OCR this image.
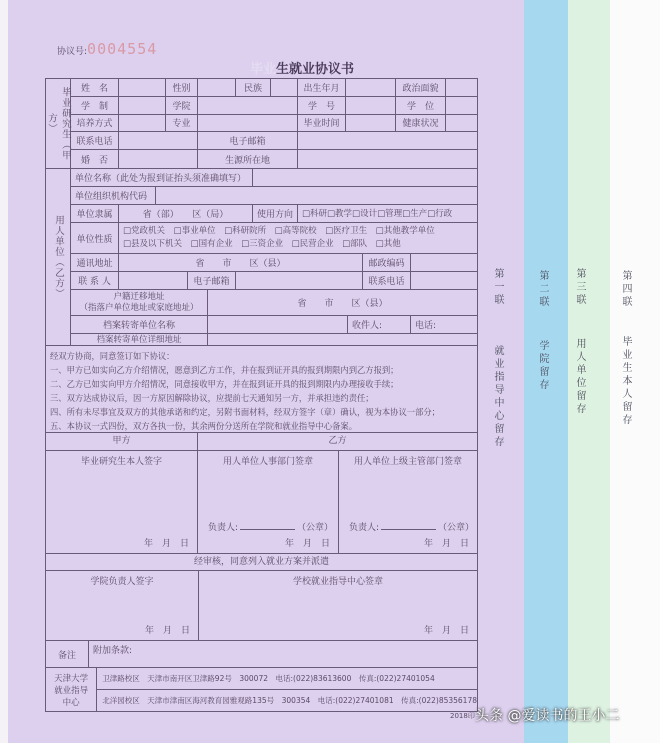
第一联
就业指导中心留存
第二联
学院留存
第三联
用人单位留存
第四联
毕业生本人留存
协议号:0004554
毕业生就业协议书
毕业研究生（甲方）
姓　名	性别	民族	出生年月	政治面貌
学　制	学院	学　号	学　位
培养方式	专业	毕业时间	健康状况
联系电话	电子邮箱
婚　否	生源所在地
用人单位（乙方）
单位名称（此处为报到证抬头须准确填写）
单位组织机构代码
单位隶属	省（部）　　区（局）	使用方向	□科研□教学□设计□管理□生产□行政
单位性质
□党政机关　□事业单位　□科研院所　□高等院校　□医疗卫生　□其他教学单位
□县及以下机关　□国有企业　□三资企业　□民营企业　□部队　□其他
通讯地址	省　　市　　区（县）	邮政编码
联 系 人	电子邮箱	联系电话
户籍迁移地址
（指落户单位地址或家庭地址）	省　　市　　区（县）
档案转寄单位名称	收件人:	电话:
档案转寄单位详细地址
经双方协商，同意签订如下协议：
一、甲方已如实向乙方介绍情况，愿意到乙方工作，并在报到证开具的报到期限内到乙方报到；
二、乙方已如实向甲方介绍情况，同意接收甲方，并在报到证开具的报到期限内办理接收手续；
三、双方达成协议后，因一方原因解除协议，应提前七天通知另一方，并承担违约责任；
四、所有未尽事宜及双方的其他承诺和约定，另附书面材料，经双方签字（章）确认，视为本协议一部分；
五、本协议一式四份，双方各执一份，其余两份分送所在学院和就业指导中心备案。
甲方	乙方
毕业研究生本人签字
年　月　日
用人单位人事部门签章
负责人:	（公章）
年　月　日
用人单位上级主管部门签章
负责人:	（公章）
年　月　日
经审核，同意列入就业方案并派遣
学院负责人签字
年　月　日
学校就业指导中心签章
年　月　日
备注	附加条款:
天津大学 就业指导中心
卫津路校区　天津市南开区卫津路92号　300072　电话:(022)83613600　传真:(022)27401054
北洋园校区　天津市津南区海河教育园雅观路135号　300354　电话:(022)27401081　传真:(022)85356178
2018印 头条 @爱读书的王小二
